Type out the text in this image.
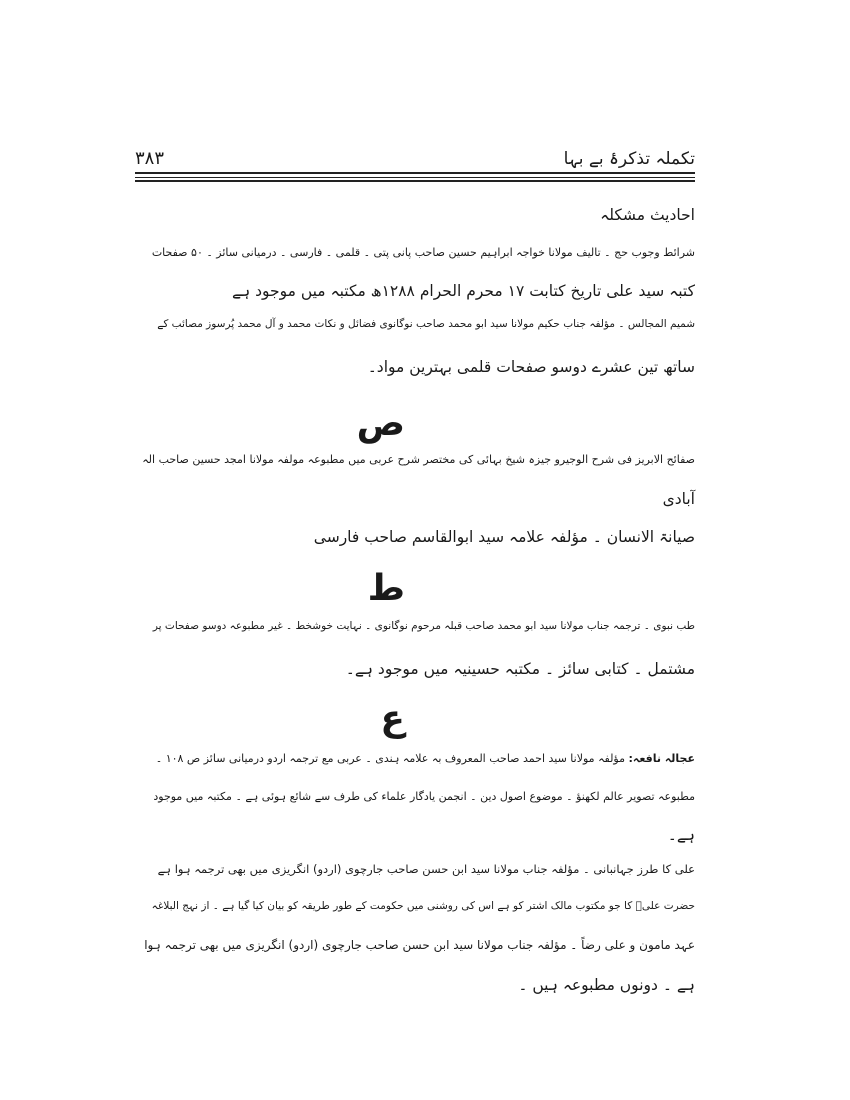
۳۸۳	تکملہ تذکرۂ بے بہا
احادیث مشکلہ
شرائط وجوب حج ۔ تالیف مولانا خواجہ ابراہیم حسین صاحب پانی پتی ۔ قلمی ۔ فارسی ۔ درمیانی سائز ۔ ۵۰ صفحات
کتبہ سید علی تاریخ کتابت ۱۷ محرم الحرام ۱۲۸۸ھ مکتبہ میں موجود ہے
شمیم المجالس ۔ مؤلفہ جناب حکیم مولانا سید ابو محمد صاحب نوگانوی فضائل و نکات محمد و آل محمد پُرسوز مصائب کے
ساتھ تین عشرے دوسو صفحات قلمی بہترین مواد۔
ص
صفائح الابریز فی شرح الوجیرو جیزہ شیخ بہائی کی مختصر شرح عربی میں مطبوعہ مولفہ مولانا امجد حسین صاحب الہ
آبادی
صیانۃ الانسان ۔ مؤلفہ علامہ سید ابوالقاسم صاحب فارسی
ط
طب نبوی ۔ ترجمہ جناب مولانا سید ابو محمد صاحب قبلہ مرحوم نوگانوی ۔ نہایت خوشخط ۔ غیر مطبوعہ دوسو صفحات پر
مشتمل ۔ کتابی سائز ۔ مکتبہ حسینیہ میں موجود ہے۔
ع
عجالہ نافعہ: مؤلفہ مولانا سید احمد صاحب المعروف بہ علامہ ہندی ۔ عربی مع ترجمہ اردو درمیانی سائز ص ۱۰۸ ۔
مطبوعہ تصویر عالم لکھنؤ ۔ موضوع اصول دین ۔ انجمن یادگار علماء کی طرف سے شائع ہوئی ہے ۔ مکتبہ میں موجود
ہے۔
علی کا طرز جہانبانی ۔ مؤلفہ جناب مولانا سید ابن حسن صاحب جارچوی (اردو) انگریزی میں بھی ترجمہ ہوا ہے
حضرت علیؑ کا جو مکتوب مالک اشتر کو ہے اس کی روشنی میں حکومت کے طور طریقہ کو بیان کیا گیا ہے ۔ از نہج البلاغہ
عہد مامون و علی رضاً ۔ مؤلفہ جناب مولانا سید ابن حسن صاحب جارچوی (اردو) انگریزی میں بھی ترجمہ ہوا
ہے ۔ دونوں مطبوعہ ہیں ۔
